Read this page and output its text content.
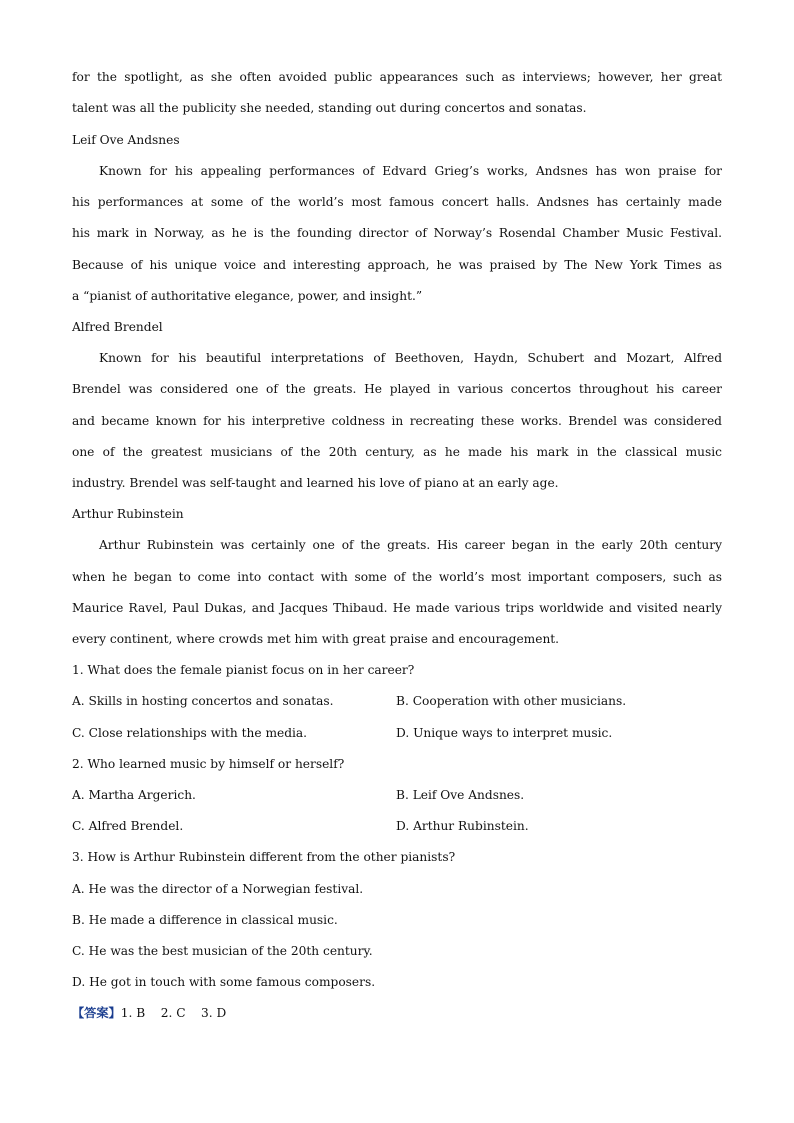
for the spotlight, as she often avoided public appearances such as interviews; however, her great
talent was all the publicity she needed, standing out during concertos and sonatas.
Leif Ove Andsnes
Known for his appealing performances of Edvard Grieg’s works, Andsnes has won praise for
his performances at some of the world’s most famous concert halls. Andsnes has certainly made
his mark in Norway, as he is the founding director of Norway’s Rosendal Chamber Music Festival.
Because of his unique voice and interesting approach, he was praised by The New York Times as
a “pianist of authoritative elegance, power, and insight.”
Alfred Brendel
Known for his beautiful interpretations of Beethoven, Haydn, Schubert and Mozart, Alfred
Brendel was considered one of the greats. He played in various concertos throughout his career
and became known for his interpretive coldness in recreating these works. Brendel was considered
one of the greatest musicians of the 20th century, as he made his mark in the classical music
industry. Brendel was self-taught and learned his love of piano at an early age.
Arthur Rubinstein
Arthur Rubinstein was certainly one of the greats. His career began in the early 20th century
when he began to come into contact with some of the world’s most important composers, such as
Maurice Ravel, Paul Dukas, and Jacques Thibaud. He made various trips worldwide and visited nearly
every continent, where crowds met him with great praise and encouragement.
1. What does the female pianist focus on in her career?
A. Skills in hosting concertos and sonatas.	B. Cooperation with other musicians.
C. Close relationships with the media.	D. Unique ways to interpret music.
2. Who learned music by himself or herself?
A. Martha Argerich.	B. Leif Ove Andsnes.
C. Alfred Brendel.	D. Arthur Rubinstein.
3. How is Arthur Rubinstein different from the other pianists?
A. He was the director of a Norwegian festival.
B. He made a difference in classical music.
C. He was the best musician of the 20th century.
D. He got in touch with some famous composers.
【答案】1. B    2. C    3. D
